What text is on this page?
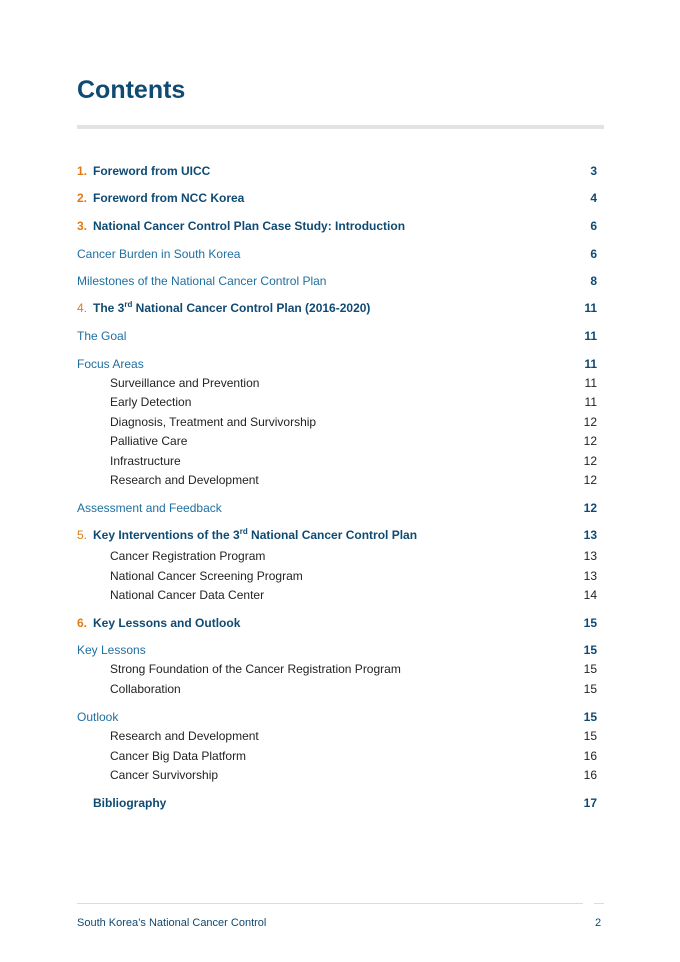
Contents
1. Foreword from UICC	3
2. Foreword from NCC Korea	4
3. National Cancer Control Plan Case Study: Introduction	6
Cancer Burden in South Korea	6
Milestones of the National Cancer Control Plan	8
4. The 3rd National Cancer Control Plan (2016-2020)	11
The Goal	11
Focus Areas	11
Surveillance and Prevention	11
Early Detection	11
Diagnosis, Treatment and Survivorship	12
Palliative Care	12
Infrastructure	12
Research and Development	12
Assessment and Feedback	12
5. Key Interventions of the 3rd National Cancer Control Plan	13
Cancer Registration Program	13
National Cancer Screening Program	13
National Cancer Data Center	14
6. Key Lessons and Outlook	15
Key Lessons	15
Strong Foundation of the Cancer Registration Program	15
Collaboration	15
Outlook	15
Research and Development	15
Cancer Big Data Platform	16
Cancer Survivorship	16
Bibliography	17
South Korea’s National Cancer Control	2
